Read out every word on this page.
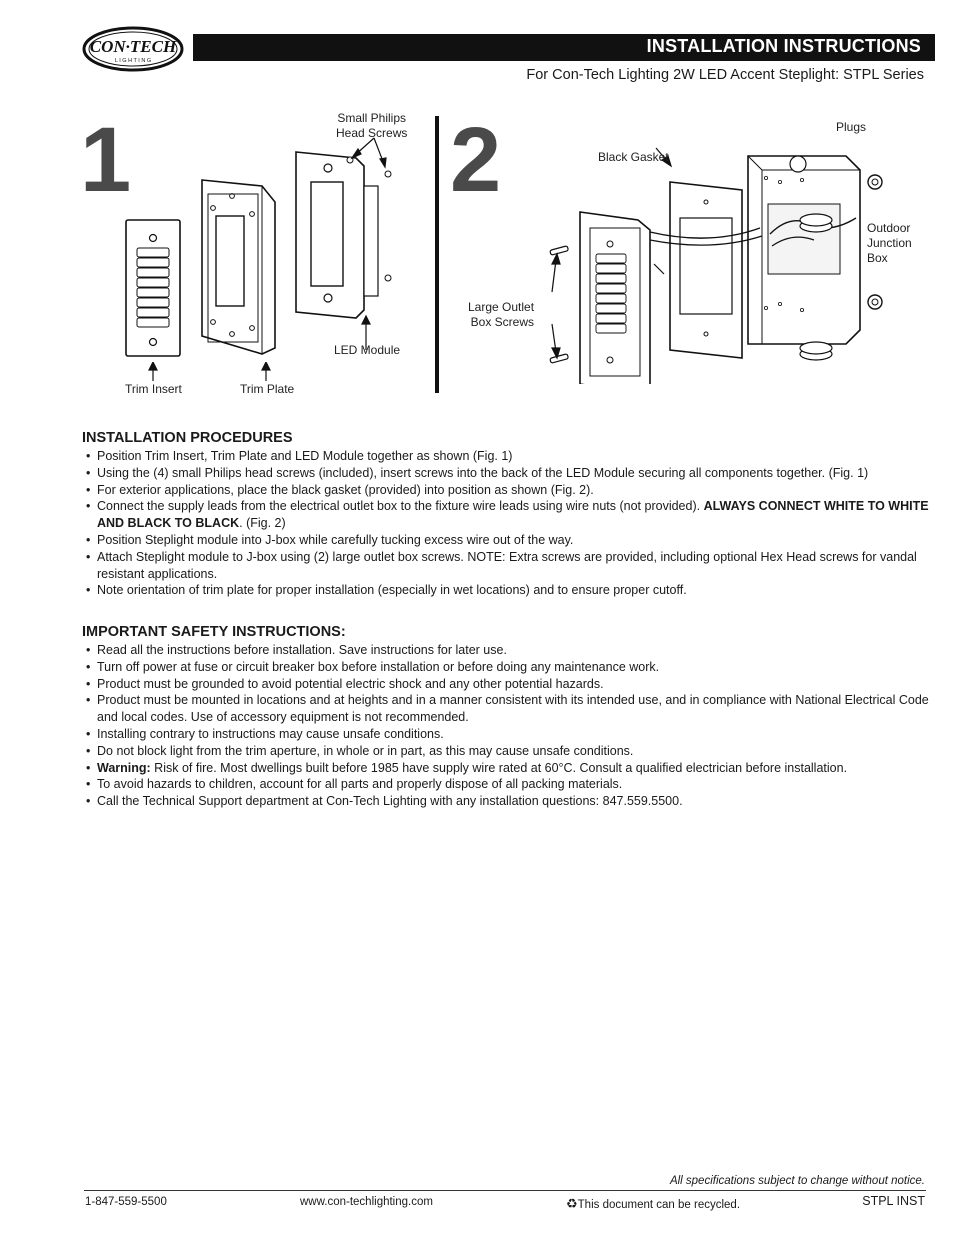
CON·TECH
L I G H T I N G
INSTALLATION INSTRUCTIONS
For Con-Tech Lighting 2W LED Accent Steplight: STPL Series
1	Small Philips
Head Screws
LED Module
Trim Insert	Trim Plate
2	Plugs
Black Gasket
Outdoor
Junction
Box
Large Outlet
Box Screws
INSTALLATION PROCEDURES
• Position Trim Insert, Trim Plate and LED Module together as shown (Fig. 1)
• Using the (4) small Philips head screws (included), insert screws into the back of the LED Module securing all components together. (Fig. 1)
• For exterior applications, place the black gasket (provided) into position as shown (Fig. 2).
• Connect the supply leads from the electrical outlet box to the fixture wire leads using wire nuts (not provided). ALWAYS CONNECT WHITE TO WHITE AND BLACK TO BLACK. (Fig. 2)
• Position Steplight module into J-box while carefully tucking excess wire out of the way.
• Attach Steplight module to J-box using (2) large outlet box screws. NOTE: Extra screws are provided, including optional Hex Head screws for vandal resistant applications.
• Note orientation of trim plate for proper installation (especially in wet locations) and to ensure proper cutoff.
IMPORTANT SAFETY INSTRUCTIONS:
• Read all the instructions before installation. Save instructions for later use.
• Turn off power at fuse or circuit breaker box before installation or before doing any maintenance work.
• Product must be grounded to avoid potential electric shock and any other potential hazards.
• Product must be mounted in locations and at heights and in a manner consistent with its intended use, and in compliance with National Electrical Code and local codes. Use of accessory equipment is not recommended.
• Installing contrary to instructions may cause unsafe conditions.
• Do not block light from the trim aperture, in whole or in part, as this may cause unsafe conditions.
• Warning: Risk of fire. Most dwellings built before 1985 have supply wire rated at 60°C. Consult a qualified electrician before installation.
• To avoid hazards to children, account for all parts and properly dispose of all packing materials.
• Call the Technical Support department at Con-Tech Lighting with any installation questions: 847.559.5500.
All specifications subject to change without notice.
1-847-559-5500	www.con-techlighting.com	♻This document can be recycled.	STPL INST
